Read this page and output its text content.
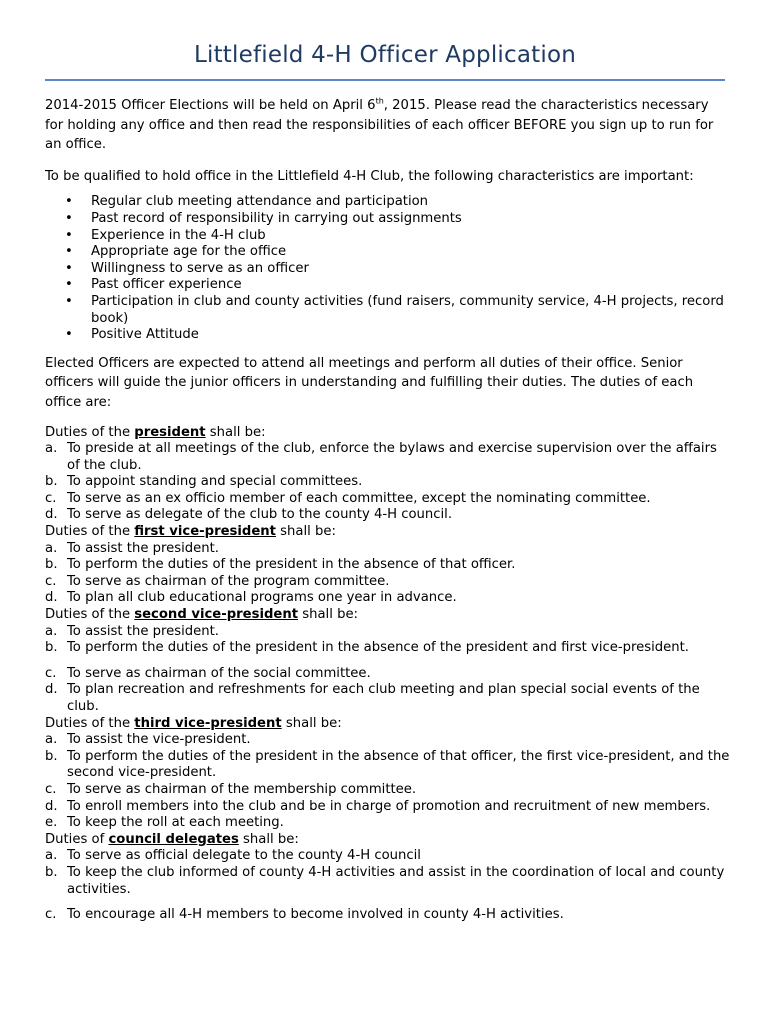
Littlefield 4-H Officer Application

2014-2015 Officer Elections will be held on April 6th, 2015. Please read the characteristics necessary for holding any office and then read the responsibilities of each officer BEFORE you sign up to run for an office.

To be qualified to hold office in the Littlefield 4-H Club, the following characteristics are important:

• Regular club meeting attendance and participation
• Past record of responsibility in carrying out assignments
• Experience in the 4-H club
• Appropriate age for the office
• Willingness to serve as an officer
• Past officer experience
• Participation in club and county activities (fund raisers, community service, 4-H projects, record book)
• Positive Attitude

Elected Officers are expected to attend all meetings and perform all duties of their office. Senior officers will guide the junior officers in understanding and fulfilling their duties. The duties of each office are:

Duties of the president shall be:
a. To preside at all meetings of the club, enforce the bylaws and exercise supervision over the affairs of the club.
b. To appoint standing and special committees.
c. To serve as an ex officio member of each committee, except the nominating committee.
d. To serve as delegate of the club to the county 4-H council.
Duties of the first vice-president shall be:
a. To assist the president.
b. To perform the duties of the president in the absence of that officer.
c. To serve as chairman of the program committee.
d. To plan all club educational programs one year in advance.
Duties of the second vice-president shall be:
a. To assist the president.
b. To perform the duties of the president in the absence of the president and first vice-president.
c. To serve as chairman of the social committee.
d. To plan recreation and refreshments for each club meeting and plan special social events of the club.
Duties of the third vice-president shall be:
a. To assist the vice-president.
b. To perform the duties of the president in the absence of that officer, the first vice-president, and the second vice-president.
c. To serve as chairman of the membership committee.
d. To enroll members into the club and be in charge of promotion and recruitment of new members.
e. To keep the roll at each meeting.
Duties of council delegates shall be:
a. To serve as official delegate to the county 4-H council
b. To keep the club informed of county 4-H activities and assist in the coordination of local and county activities.
c. To encourage all 4-H members to become involved in county 4-H activities.
